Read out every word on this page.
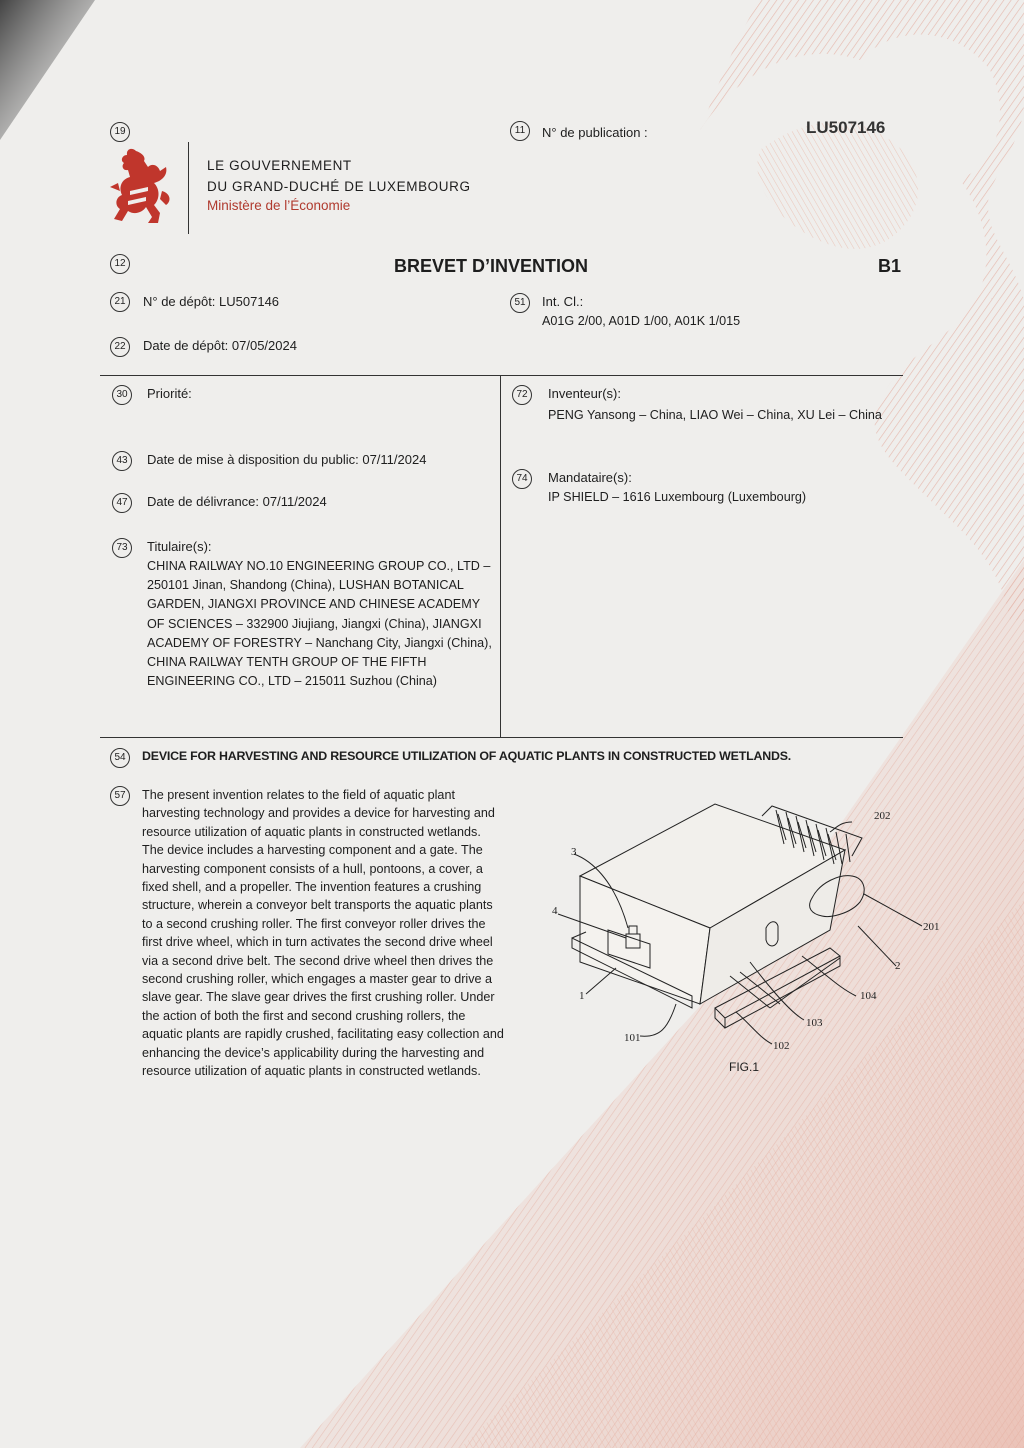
19
LE GOUVERNEMENT
DU GRAND-DUCHÉ DE LUXEMBOURG
Ministère de l’Économie
11	N° de publication :	LU507146
12	BREVET D’INVENTION	B1
21	N° de dépôt: LU507146
22	Date de dépôt: 07/05/2024
51	Int. Cl.:
A01G 2/00, A01D 1/00, A01K 1/015
30	Priorité:
43	Date de mise à disposition du public: 07/11/2024
47	Date de délivrance: 07/11/2024
73	Titulaire(s):
CHINA RAILWAY NO.10 ENGINEERING GROUP CO., LTD – 250101 Jinan, Shandong (China), LUSHAN BOTANICAL GARDEN, JIANGXI PROVINCE AND CHINESE ACADEMY OF SCIENCES – 332900 Jiujiang, Jiangxi (China), JIANGXI ACADEMY OF FORESTRY – Nanchang City, Jiangxi (China), CHINA RAILWAY TENTH GROUP OF THE FIFTH ENGINEERING CO., LTD – 215011 Suzhou (China)
72	Inventeur(s):
PENG Yansong – China, LIAO Wei – China, XU Lei – China
74	Mandataire(s):
IP SHIELD – 1616 Luxembourg (Luxembourg)
54	DEVICE FOR HARVESTING AND RESOURCE UTILIZATION OF AQUATIC PLANTS IN CONSTRUCTED WETLANDS.
57	The present invention relates to the field of aquatic plant harvesting technology and provides a device for harvesting and resource utilization of aquatic plants in constructed wetlands. The device includes a harvesting component and a gate. The harvesting component consists of a hull, pontoons, a cover, a fixed shell, and a propeller. The invention features a crushing structure, wherein a conveyor belt transports the aquatic plants to a second crushing roller. The first conveyor roller drives the first drive wheel, which in turn activates the second drive wheel via a second drive belt. The second drive wheel then drives the second crushing roller, which engages a master gear to drive a slave gear. The slave gear drives the first crushing roller. Under the action of both the first and second crushing rollers, the aquatic plants are rapidly crushed, facilitating easy collection and enhancing the device’s applicability during the harvesting and resource utilization of aquatic plants in constructed wetlands.
202
3
4
201
2
1	104
103
101
102
FIG.1
